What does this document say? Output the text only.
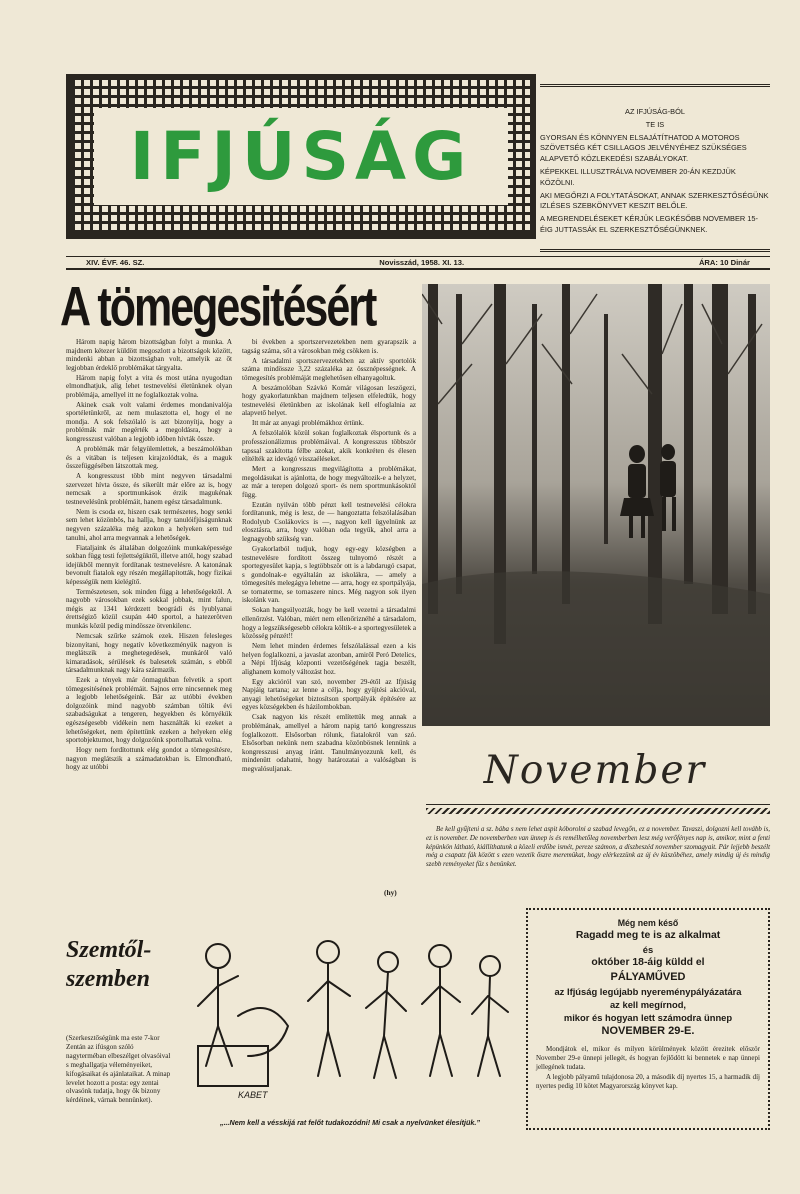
IFJÚSÁG

AZ IFJÚSÁG-BÓL

TE IS

GYORSAN ÉS KÖNNYEN ELSAJÁTÍTHATOD A MOTOROS SZÖVETSÉG KÉT CSILLAGOS JELVÉNYÉHEZ SZÜKSÉGES ALAPVETŐ KÖZLEKEDÉSI SZABÁLYOKAT.

KÉPEKKEL ILLUSZTRÁLVA NOVEMBER 20-ÁN KEZDJÜK KÖZÖLNI.

AKI MEGŐRZI A FOLYTATÁSOKAT, ANNAK SZERKESZTŐSÉGÜNK IZLÉSES SZEBKÖNYVET KESZIT BELŐLE.

A MEGRENDELÉSEKET KÉRJÜK LEGKÉSŐBB NOVEMBER 15-ÉIG JUTTASSÁK EL SZERKESZTŐSÉGÜNKNEK.

XIV. ÉVF. 46. SZ.	Novisszád, 1958. XI. 13.	ÁRA: 10 Dinár
A tömegesitésért

Három napig három bizottságban folyt a munka. A majdnem kétezer küldött megoszlott a bizottságok között, mindenki abban a bizottságban volt, amelyik az őt legjobban érdeklő problémákat tárgyalta.

Három napig folyt a vita és most utána nyugodtan elmondhatjuk, alig lehet testnevelési életünknek olyan problémája, amellyel itt ne foglalkoztak volna.

Akinek csak volt valami érdemes mondanivalója sportéletünkről, az nem mulasztotta el, hogy el ne mondja. A sok felszólaló is azt bizonyítja, hogy a problémák már megérték a megoldásra, hogy a kongresszust valóban a legjobb időben hívták össze.

A problémák már felgyülemlettek, a beszámolókban és a vitában is teljesen kirajzolódtak, és a maguk összefüggésében látszottak meg.

A kongresszust több mint negyven társadalmi szervezet hívta össze, és sikerült már előre az is, hogy nemcsak a sportmunkások érzik magukénak testnevelésünk problémáit, hanem egész társadalmunk.

Nem is csoda ez, hiszen csak természetes, hogy senki sem lehet közönbös, ha hallja, hogy tanulóifjúságunknak negyven százaléka még azokon a helyeken sem tud tanulni, ahol arra megvannak a lehetőségek.

Fiataljaink és általában dolgozóink munkaképessége sokban függ testi fejlettségüktől, illetve attól, hogy szabad idejükből mennyit fordítanak testnevelésre. A katonának bevonult fiatalok egy részén megállapították, hogy fizikai képességük nem kielégítő.

Természetesen, sok minden függ a lehetőségektől. A nagyobb városokban ezek sokkal jobbak, mint falun, mégis az 1341 kérdezett beográdi és lyublyanai érettségiző közül csupán 440 sportol, a hatezerötven munkás közül pedig mindössze ötvenkilenc.

Nemcsak szűrke számok ezek. Hiszen felesleges bizonyítani, hogy negatív következményük nagyon is meglátszik a meghetegedések, munkáról való kimaradások, sérülések és balesetek számán, s ebből társadalmunknak nagy kára származik.

Ezek a tények már önmagukban felvetik a sport tömegesitésének problémáit. Sajnos erre nincsennek meg a legjobb lehetőségeink. Bár az utóbbi években dolgozóink mind nagyobb számban töltik évi szabadságukat a tengeren, hegyekben és környékük egészségesebb vidékein nem használták ki ezeket a lehetőségeket, nem építettünk ezeken a helyeken elég sportobjektumot, hogy dolgozóink sportolhattak volna.

Hogy nem fordítottunk elég gondot a tömegesítésre, nagyon meglátszik a számadatokban is. Elmondható, hogy az utóbbi

bi években a sportszervezetekben nem gyarapszik a tagság száma, sőt a városokban még csökken is.

A társadalmi sportszervezetekben az aktív sportolók száma mindössze 3,22 százaléka az össznépességnek. A tömegesítés problémáját meglehetősen elhanyagoltuk.

A beszámolóban Szávkó Komár világosan leszögezi, hogy gyakorlatunkban majdnem teljesen elfeledtük, hogy testnevelési életünkben az iskolának kell elfoglalnia az alapvető helyet.

Itt már az anyagi problémákhoz értünk.

A felszólalók közül sokan foglalkoztak élsportunk és a professzionálizmus problémáival. A kongresszus többször tapssal szakította félbe azokat, akik konkréten és élesen elítélték az idevágó visszaéléseket.

Mert a kongresszus megvilágította a problémákat, megoldásukat is ajánlotta, de hogy megváltozik-e a helyzet, az már a terepen dolgozó sport- és nem sportmunkásoktól függ.

Ezután nyilván több pénzt kell testnevelési célokra fordítanunk, még is lesz, de — hangoztatta felszólalásában Rodolyub Csolákovics is —, nagyon kell ügyelnünk az elosztásra, arra, hogy valóban oda tegyük, ahol arra a legnagyobb szükség van.

Gyakorlatból tudjuk, hogy egy-egy községben a testnevelésre fordított összeg tulnyomó részét a sportegyesület kapja, s legtöbbször ott is a labdarugó csapat, s gondolnak-e egyáltalán az iskolákra, — amely a tömegesítés melegágya lehetne — arra, hogy ez sportpályája, se tornaterme, se tornaszere nincs. Még nagyon sok ilyen iskolánk van.

Sokan hangsúlyozták, hogy be kell vezetni a társadalmi ellenőrzést. Valóban, miért nem ellenőriznéhé a társadalom, hogy a legszükségesebb célokra költik-e a sportegyesületek a közösség pénzét!!

Nem lehet minden érdemes felszólalással ezen a kis helyen foglalkozni, a javaslat azonban, amiről Peró Detelics, a Népi Ifjúság központi vezetőségének tagja beszélt, alighanem komoly változást hoz.

Egy akcióról van szó, november 29-étől az Ifjúság Napjáig tartana; az lenne a célja, hogy gyüjtési akcióval, anyagi lehetőségeket biztosítson sportpályák építésére az egyes községekben és házilombokban.

Csak nagyon kis részét említettük meg annak a problémának, amellyel a három napig tartó kongresszus foglalkozott. Elsősorban rólunk, fiatalokról van szó. Elsősorban nekünk nem szabadna közönbösnek lennünk a kongresszusi anyag iránt. Tanulmányozzunk kell, és mindenütt odahatni, hogy határozatai a valóságban is megvalósuljanak.

(hy)
November
Be kell gyűjteni a sz. bába s nem lehet aspit kóborolni a szabad levegőn, ez a november. Tavaszi, dolgozni kell tovább is, ez is november. De novemberben van ünnep is és remélhetőleg novemberben lesz még verőfényes nap is, amikor, mint a fenti képünkön látható, kiállíthatunk a közeli erdőbe ismét, pereze számon, a díszbeszéd november szomagyait. Pár lejjebb beszélt még a csapatz fák között s ezen vezetik őszre meremükat, hogy elérkezzünk az új év küszöbéhez, amely mindig új és mindig szebb reményeket fűz s benünket.
Szemtől-szemben
(Szerkesztőségünk ma este 7-kor Zentán az ifúsgon szóló nagyterméban elbeszélget olvasóival s meghallgatja véleményeiket, kifogásaikat és ajánlataikat. A minap levelet hozott a posta: egy zentai olvasónk tudatja, hogy ők bizony kérdéinek, várnak bennünket).
KABET
„...Nem kell a vésskijá rat felőt tudakozódni! Mi csak a nyelvünket élesítjük.”
Még nem késő
Ragadd meg te is az alkalmat
és
október 18-áig küldd el
PÁLYAMŰVED
az Ifjúság legújabb nyereménypályázatára
az kell megírnod,
mikor és hogyan lett számodra ünnep
NOVEMBER 29-E.

Mondjátok el, mikor és milyen körülmények között érezitek először November 29-e ünnepi jellegét, és hogyan fejlődött ki bennetek e nap ünnepi jellegének tudata.

A legjobb pályamű tulajdonosa 20, a második díj nyertes 15, a harmadik díj nyertes pedig 10 kötet Magyarország könyvet kap.
